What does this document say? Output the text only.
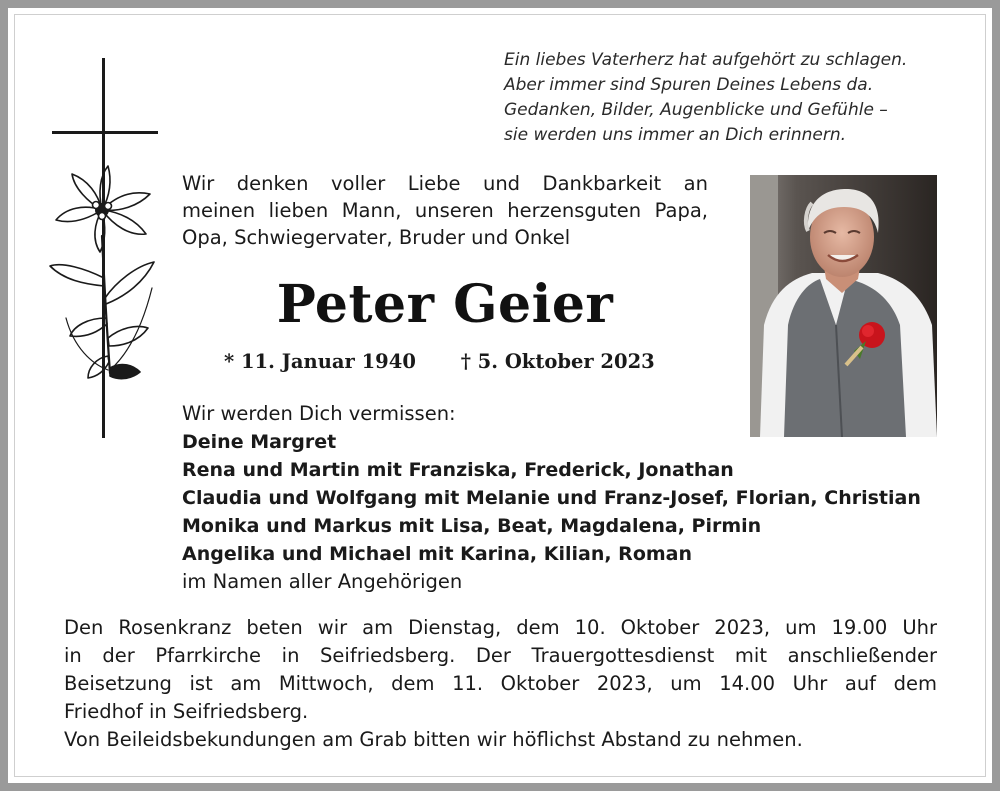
Ein liebes Vaterherz hat aufgehört zu schlagen.
Aber immer sind Spuren Deines Lebens da.
Gedanken, Bilder, Augenblicke und Gefühle –
sie werden uns immer an Dich erinnern.
Wir denken voller Liebe und Dankbarkeit an
meinen lieben Mann, unseren herzensguten Papa,
Opa, Schwiegervater, Bruder und Onkel
Peter Geier
* 11. Januar 1940 † 5. Oktober 2023
Wir werden Dich vermissen:
Deine Margret
Rena und Martin mit Franziska, Frederick, Jonathan
Claudia und Wolfgang mit Melanie und Franz-Josef, Florian, Christian
Monika und Markus mit Lisa, Beat, Magdalena, Pirmin
Angelika und Michael mit Karina, Kilian, Roman
im Namen aller Angehörigen
Den Rosenkranz beten wir am Dienstag, dem 10. Oktober 2023, um 19.00 Uhr
in der Pfarrkirche in Seifriedsberg. Der Trauergottesdienst mit anschließender
Beisetzung ist am Mittwoch, dem 11. Oktober 2023, um 14.00 Uhr auf dem
Friedhof in Seifriedsberg.
Von Beileidsbekundungen am Grab bitten wir höflichst Abstand zu nehmen.
